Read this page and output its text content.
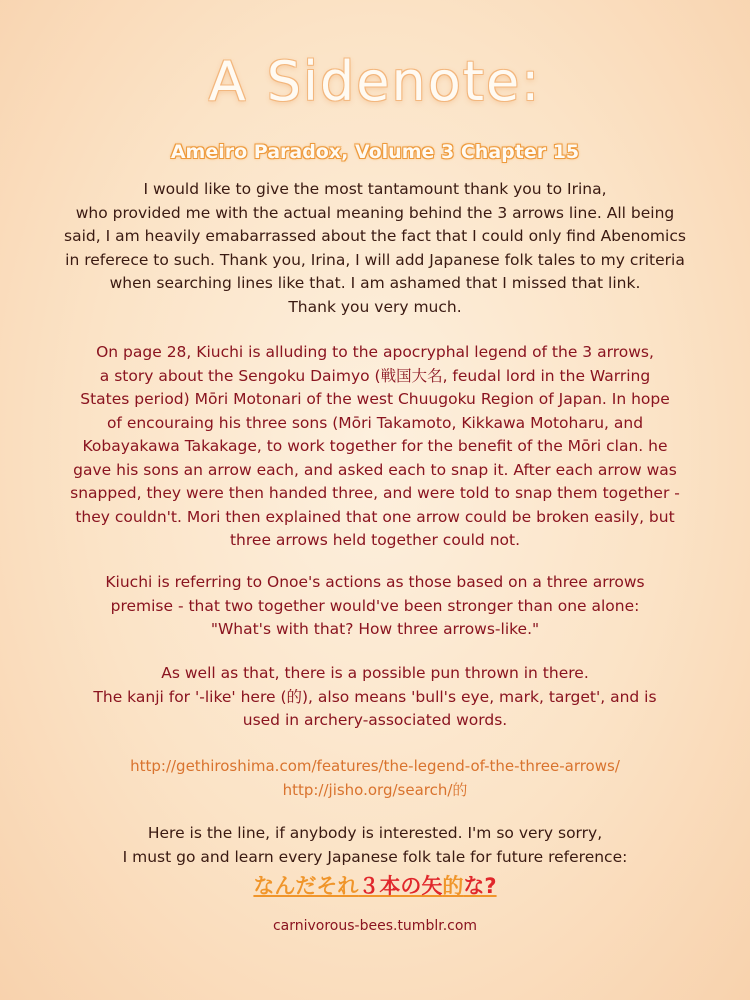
A Sidenote:
Ameiro Paradox, Volume 3 Chapter 15

I would like to give the most tantamount thank you to Irina,
who provided me with the actual meaning behind the 3 arrows line. All being
said, I am heavily emabarrassed about the fact that I could only find Abenomics
in referece to such. Thank you, Irina, I will add Japanese folk tales to my criteria
when searching lines like that. I am ashamed that I missed that link.
Thank you very much.

On page 28, Kiuchi is alluding to the apocryphal legend of the 3 arrows,
a story about the Sengoku Daimyo (戦国大名, feudal lord in the Warring
States period) Mōri Motonari of the west Chuugoku Region of Japan. In hope
of encouraing his three sons (Mōri Takamoto, Kikkawa Motoharu, and
Kobayakawa Takakage, to work together for the benefit of the Mōri clan. he
gave his sons an arrow each, and asked each to snap it. After each arrow was
snapped, they were then handed three, and were told to snap them together -
they couldn't. Mori then explained that one arrow could be broken easily, but
three arrows held together could not.

Kiuchi is referring to Onoe's actions as those based on a three arrows
premise - that two together would've been stronger than one alone:
"What's with that? How three arrows-like."

As well as that, there is a possible pun thrown in there.
The kanji for '-like' here (的), also means 'bull's eye, mark, target', and is
used in archery-associated words.

http://gethiroshima.com/features/the-legend-of-the-three-arrows/
http://jisho.org/search/的

Here is the line, if anybody is interested. I'm so very sorry,
I must go and learn every Japanese folk tale for future reference:

なんだそれ３本の矢的な?
carnivorous-bees.tumblr.com
